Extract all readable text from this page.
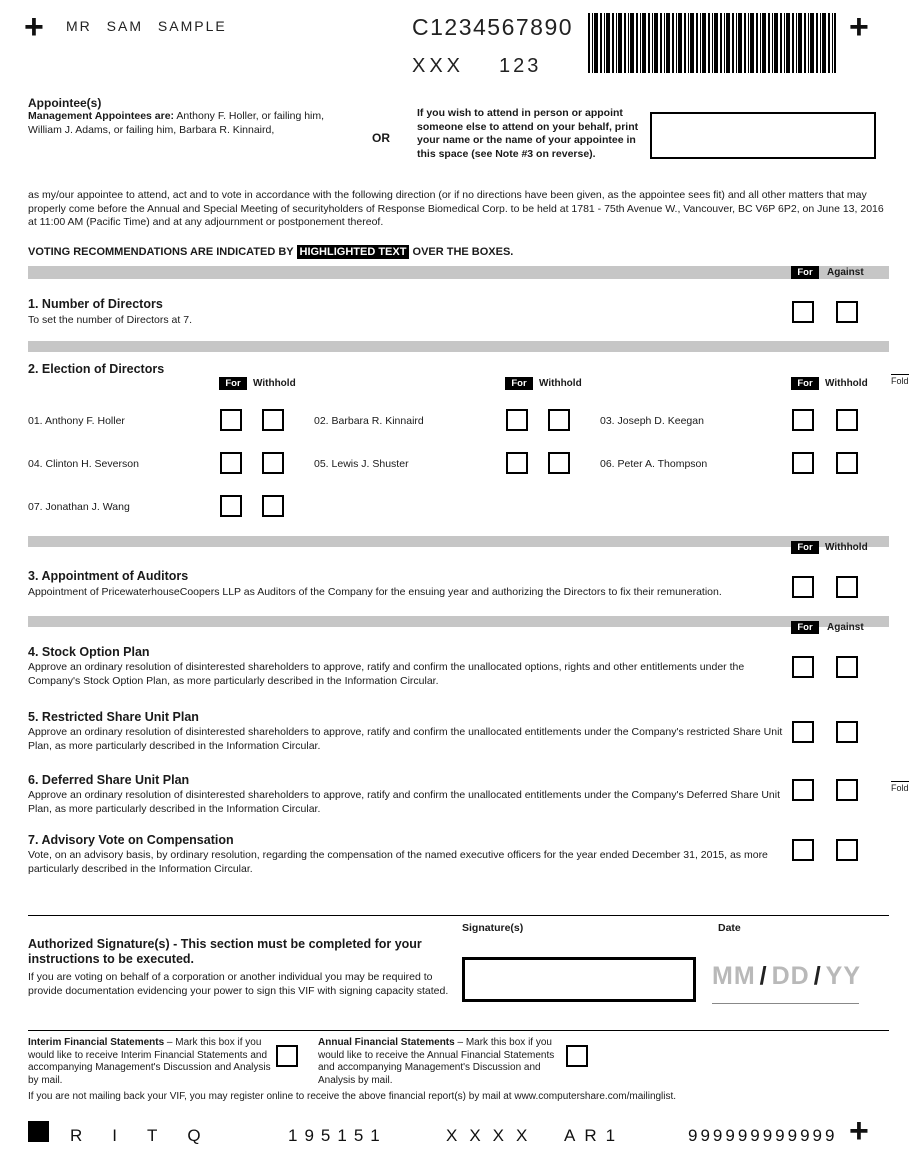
+ MR SAM SAMPLE	C1234567890
XXX 123
+
Appointee(s)
Management Appointees are: Anthony F. Holler, or failing him, William J. Adams, or failing him, Barbara R. Kinnaird,
OR
If you wish to attend in person or appoint someone else to attend on your behalf, print your name or the name of your appointee in this space (see Note #3 on reverse).
as my/our appointee to attend, act and to vote in accordance with the following direction (or if no directions have been given, as the appointee sees fit) and all other matters that may properly come before the Annual and Special Meeting of securityholders of Response Biomedical Corp. to be held at 1781 - 75th Avenue W., Vancouver, BC V6P 6P2, on June 13, 2016 at 11:00 AM (Pacific Time) and at any adjournment or postponement thereof.
VOTING RECOMMENDATIONS ARE INDICATED BY HIGHLIGHTED TEXT OVER THE BOXES.
For	Against
1. Number of Directors
To set the number of Directors at 7.
2. Election of Directors
For	Withhold	For	Withhold	For	Withhold	Fold
01. Anthony F. Holler	02. Barbara R. Kinnaird	03. Joseph D. Keegan
04. Clinton H. Severson	05. Lewis J. Shuster	06. Peter A. Thompson
07. Jonathan J. Wang
For	Withhold
3. Appointment of Auditors
Appointment of PricewaterhouseCoopers LLP as Auditors of the Company for the ensuing year and authorizing the Directors to fix their remuneration.
For	Against
4. Stock Option Plan
Approve an ordinary resolution of disinterested shareholders to approve, ratify and confirm the unallocated options, rights and other entitlements under the Company's Stock Option Plan, as more particularly described in the Information Circular.
5. Restricted Share Unit Plan
Approve an ordinary resolution of disinterested shareholders to approve, ratify and confirm the unallocated entitlements under the Company's restricted Share Unit Plan, as more particularly described in the Information Circular.
6. Deferred Share Unit Plan
Approve an ordinary resolution of disinterested shareholders to approve, ratify and confirm the unallocated entitlements under the Company's Deferred Share Unit Plan, as more particularly described in the Information Circular.
Fold
7. Advisory Vote on Compensation
Vote, on an advisory basis, by ordinary resolution, regarding the compensation of the named executive officers for the year ended December 31, 2015, as more particularly described in the Information Circular.
Signature(s)	Date
Authorized Signature(s) - This section must be completed for your instructions to be executed.
If you are voting on behalf of a corporation or another individual you may be required to provide documentation evidencing your power to sign this VIF with signing capacity stated.
MM / DD / YY
Interim Financial Statements – Mark this box if you would like to receive Interim Financial Statements and accompanying Management's Discussion and Analysis by mail.
Annual Financial Statements – Mark this box if you would like to receive the Annual Financial Statements and accompanying Management's Discussion and Analysis by mail.
If you are not mailing back your VIF, you may register online to receive the above financial report(s) by mail at www.computershare.com/mailinglist.
RITQ	195151	XXXX AR1	999999999999 +
